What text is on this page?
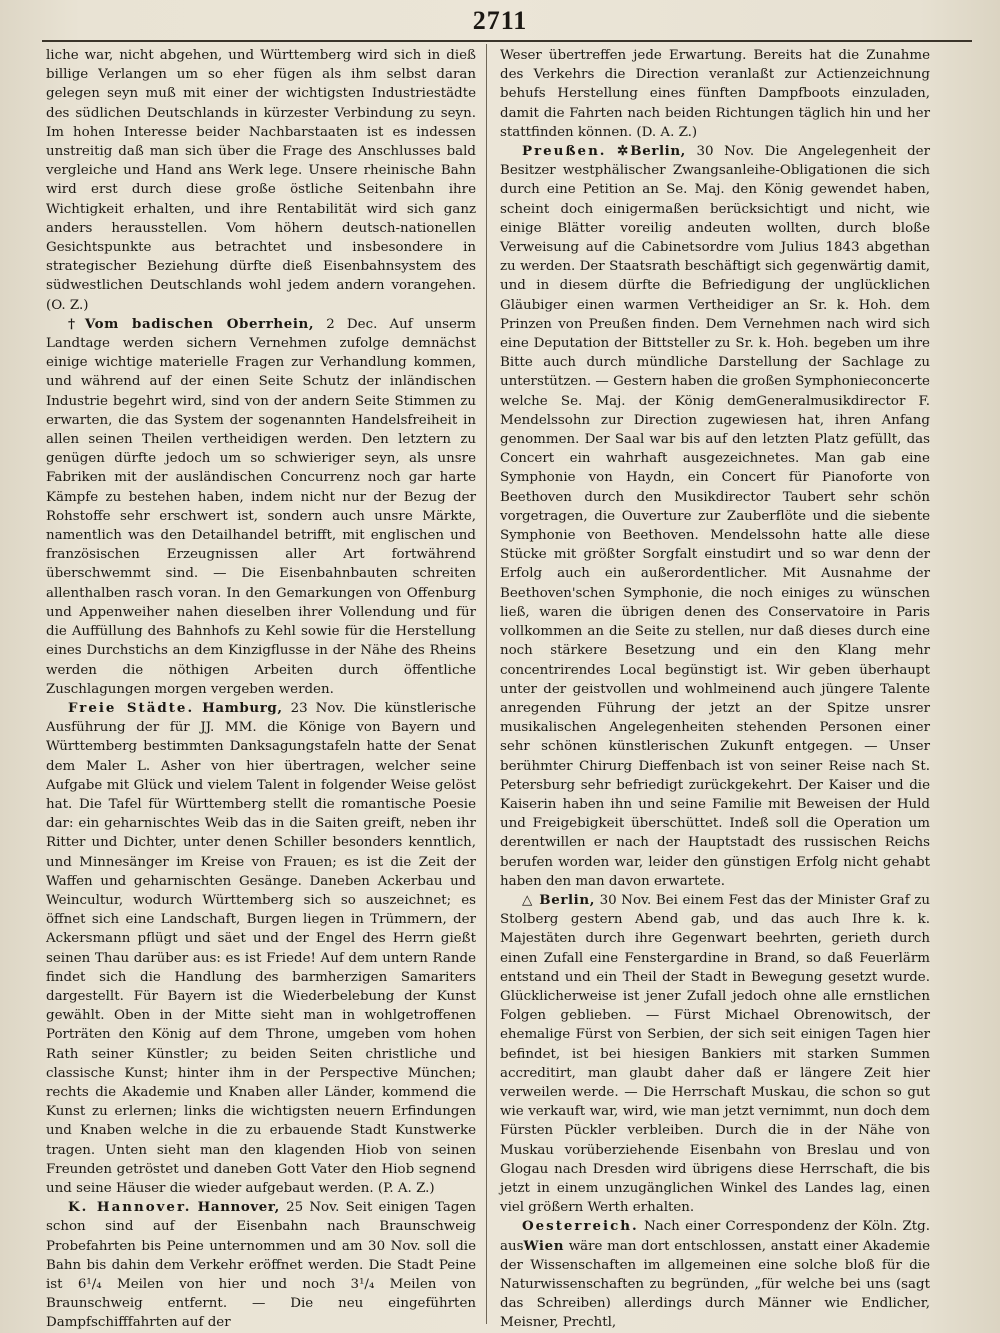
2711

liche war, nicht abgehen, und Württemberg wird sich in dieß billige Verlangen um so eher fügen als ihm selbst daran gelegen seyn muß mit einer der wichtigsten Industriestädte des südlichen Deutschlands in kürzester Verbindung zu seyn. Im hohen Interesse beider Nachbarstaaten ist es indessen unstreitig daß man sich über die Frage des Anschlusses bald vergleiche und Hand ans Werk lege. Unsere rheinische Bahn wird erst durch diese große östliche Seitenbahn ihre Wichtigkeit erhalten, und ihre Rentabilität wird sich ganz anders herausstellen. Vom höhern deutsch-nationellen Gesichtspunkte aus betrachtet und insbesondere in strategischer Beziehung dürfte dieß Eisenbahnsystem des südwestlichen Deutschlands wohl jedem andern vorangehen. (O. Z.)

† Vom badischen Oberrhein, 2 Dec. Auf unserm Landtage werden sichern Vernehmen zufolge demnächst einige wichtige materielle Fragen zur Verhandlung kommen, und während auf der einen Seite Schutz der inländischen Industrie begehrt wird, sind von der andern Seite Stimmen zu erwarten, die das System der sogenannten Handelsfreiheit in allen seinen Theilen vertheidigen werden. Den letztern zu genügen dürfte jedoch um so schwieriger seyn, als unsre Fabriken mit der ausländischen Concurrenz noch gar harte Kämpfe zu bestehen haben, indem nicht nur der Bezug der Rohstoffe sehr erschwert ist, sondern auch unsre Märkte, namentlich was den Detailhandel betrifft, mit englischen und französischen Erzeugnissen aller Art fortwährend überschwemmt sind. — Die Eisenbahnbauten schreiten allenthalben rasch voran. In den Gemarkungen von Offenburg und Appenweiher nahen dieselben ihrer Vollendung und für die Auffüllung des Bahnhofs zu Kehl sowie für die Herstellung eines Durchstichs an dem Kinzigflusse in der Nähe des Rheins werden die nöthigen Arbeiten durch öffentliche Zuschlagungen morgen vergeben werden.

Freie Städte. Hamburg, 23 Nov. Die künstlerische Ausführung der für JJ. MM. die Könige von Bayern und Württemberg bestimmten Danksagungstafeln hatte der Senat dem Maler L. Asher von hier übertragen, welcher seine Aufgabe mit Glück und vielem Talent in folgender Weise gelöst hat. Die Tafel für Württemberg stellt die romantische Poesie dar: ein geharnischtes Weib das in die Saiten greift, neben ihr Ritter und Dichter, unter denen Schiller besonders kenntlich, und Minnesänger im Kreise von Frauen; es ist die Zeit der Waffen und geharnischten Gesänge. Daneben Ackerbau und Weincultur, wodurch Württemberg sich so auszeichnet; es öffnet sich eine Landschaft, Burgen liegen in Trümmern, der Ackersmann pflügt und säet und der Engel des Herrn gießt seinen Thau darüber aus: es ist Friede! Auf dem untern Rande findet sich die Handlung des barmherzigen Samariters dargestellt. Für Bayern ist die Wiederbelebung der Kunst gewählt. Oben in der Mitte sieht man in wohlgetroffenen Porträten den König auf dem Throne, umgeben vom hohen Rath seiner Künstler; zu beiden Seiten christliche und classische Kunst; hinter ihm in der Perspective München; rechts die Akademie und Knaben aller Länder, kommend die Kunst zu erlernen; links die wichtigsten neuern Erfindungen und Knaben welche in die zu erbauende Stadt Kunstwerke tragen. Unten sieht man den klagenden Hiob von seinen Freunden getröstet und daneben Gott Vater den Hiob segnend und seine Häuser die wieder aufgebaut werden. (P. A. Z.)

K. Hannover. Hannover, 25 Nov. Seit einigen Tagen schon sind auf der Eisenbahn nach Braunschweig Probefahrten bis Peine unternommen und am 30 Nov. soll die Bahn bis dahin dem Verkehr eröffnet werden. Die Stadt Peine ist 6¹/₄ Meilen von hier und noch 3¹/₄ Meilen von Braunschweig entfernt. — Die neu eingeführten Dampfschifffahrten auf der

Weser übertreffen jede Erwartung. Bereits hat die Zunahme des Verkehrs die Direction veranlaßt zur Actienzeichnung behufs Herstellung eines fünften Dampfboots einzuladen, damit die Fahrten nach beiden Richtungen täglich hin und her stattfinden können. (D. A. Z.)

Preußen. ✲ Berlin, 30 Nov. Die Angelegenheit der Besitzer westphälischer Zwangsanleihe-Obligationen die sich durch eine Petition an Se. Maj. den König gewendet haben, scheint doch einigermaßen berücksichtigt und nicht, wie einige Blätter voreilig andeuten wollten, durch bloße Verweisung auf die Cabinetsordre vom Julius 1843 abgethan zu werden. Der Staatsrath beschäftigt sich gegenwärtig damit, und in diesem dürfte die Befriedigung der unglücklichen Gläubiger einen warmen Vertheidiger an Sr. k. Hoh. dem Prinzen von Preußen finden. Dem Vernehmen nach wird sich eine Deputation der Bittsteller zu Sr. k. Hoh. begeben um ihre Bitte auch durch mündliche Darstellung der Sachlage zu unterstützen. — Gestern haben die großen Symphonieconcerte welche Se. Maj. der König demGeneralmusikdirector F. Mendelssohn zur Direction zugewiesen hat, ihren Anfang genommen. Der Saal war bis auf den letzten Platz gefüllt, das Concert ein wahrhaft ausgezeichnetes. Man gab eine Symphonie von Haydn, ein Concert für Pianoforte von Beethoven durch den Musikdirector Taubert sehr schön vorgetragen, die Ouverture zur Zauberflöte und die siebente Symphonie von Beethoven. Mendelssohn hatte alle diese Stücke mit größter Sorgfalt einstudirt und so war denn der Erfolg auch ein außerordentlicher. Mit Ausnahme der Beethoven'schen Symphonie, die noch einiges zu wünschen ließ, waren die übrigen denen des Conservatoire in Paris vollkommen an die Seite zu stellen, nur daß dieses durch eine noch stärkere Besetzung und ein den Klang mehr concentrirendes Local begünstigt ist. Wir geben überhaupt unter der geistvollen und wohlmeinend auch jüngere Talente anregenden Führung der jetzt an der Spitze unsrer musikalischen Angelegenheiten stehenden Personen einer sehr schönen künstlerischen Zukunft entgegen. — Unser berühmter Chirurg Dieffenbach ist von seiner Reise nach St. Petersburg sehr befriedigt zurückgekehrt. Der Kaiser und die Kaiserin haben ihn und seine Familie mit Beweisen der Huld und Freigebigkeit überschüttet. Indeß soll die Operation um derentwillen er nach der Hauptstadt des russischen Reichs berufen worden war, leider den günstigen Erfolg nicht gehabt haben den man davon erwartete.

△ Berlin, 30 Nov. Bei einem Fest das der Minister Graf zu Stolberg gestern Abend gab, und das auch Ihre k. k. Majestäten durch ihre Gegenwart beehrten, gerieth durch einen Zufall eine Fenstergardine in Brand, so daß Feuerlärm entstand und ein Theil der Stadt in Bewegung gesetzt wurde. Glücklicherweise ist jener Zufall jedoch ohne alle ernstlichen Folgen geblieben. — Fürst Michael Obrenowitsch, der ehemalige Fürst von Serbien, der sich seit einigen Tagen hier befindet, ist bei hiesigen Bankiers mit starken Summen accreditirt, man glaubt daher daß er längere Zeit hier verweilen werde. — Die Herrschaft Muskau, die schon so gut wie verkauft war, wird, wie man jetzt vernimmt, nun doch dem Fürsten Pückler verbleiben. Durch die in der Nähe von Muskau vorüberziehende Eisenbahn von Breslau und von Glogau nach Dresden wird übrigens diese Herrschaft, die bis jetzt in einem unzugänglichen Winkel des Landes lag, einen viel größern Werth erhalten.

Oesterreich. Nach einer Correspondenz der Köln. Ztg. ausWien wäre man dort entschlossen, anstatt einer Akademie der Wissenschaften im allgemeinen eine solche bloß für die Naturwissenschaften zu begründen, „für welche bei uns (sagt das Schreiben) allerdings durch Männer wie Endlicher, Meisner, Prechtl,
